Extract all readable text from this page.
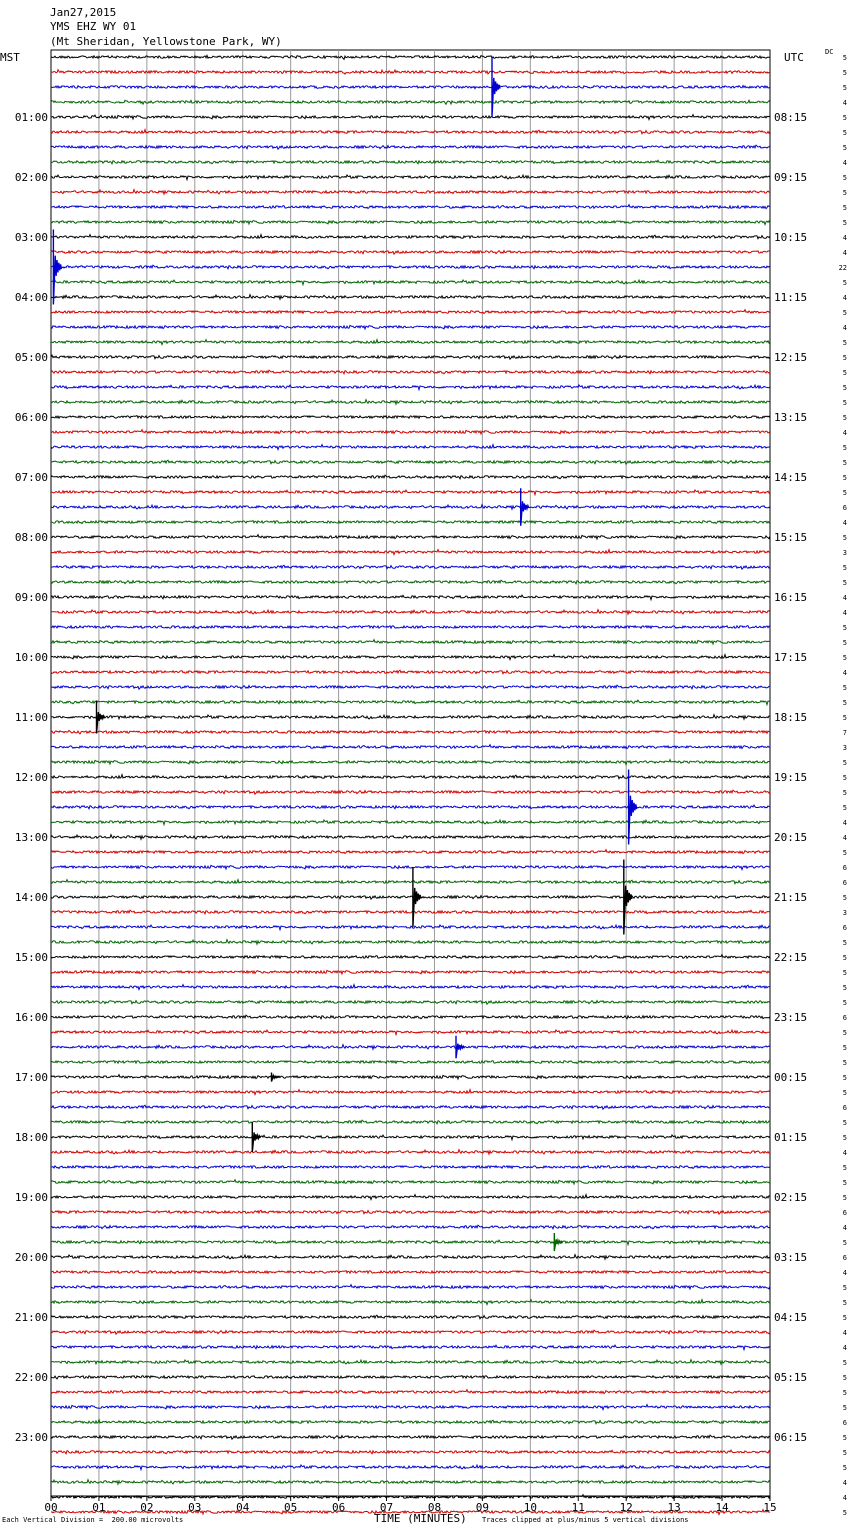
Jan27,2015
YMS EHZ WY 01
(Mt Sheridan, Yellowstone Park, WY)
MST	UTC	DC
01:00
02:00
03:00
04:00
05:00
06:00
07:00
08:00
09:00
10:00
11:00
12:00
13:00
14:00
15:00
16:00
17:00
18:00
19:00
20:00
21:00
22:00
23:00
08:15
09:15
10:15
11:15
12:15
13:15
14:15
15:15
16:15
17:15
18:15
19:15
20:15
21:15
22:15
23:15
00:15
01:15
02:15
03:15
04:15
05:15
06:15
5
5
5
4
5
5
5
4
5
5
5
5
4
4
22
5
4
5
4
5
5
5
5
5
5
4
5
5
5
5
6
4
5
3
5
5
4
4
5
5
5
4
5
5
5
7
3
5
5
5
5
4
4
5
6
6
5
3
6
5
5
5
5
5
6
5
5
5
5
5
6
5
5
4
5
5
5
6
4
5
6
4
5
5
5
4
4
5
5
5
5
6
5
5
5
4
4
5
00	01	02	03	04	05	06	07	08	09	10	11	12	13	14	15
Each Vertical Division =  200.00 microvolts	TIME (MINUTES) Traces clipped at plus/minus 5 vertical divisions
